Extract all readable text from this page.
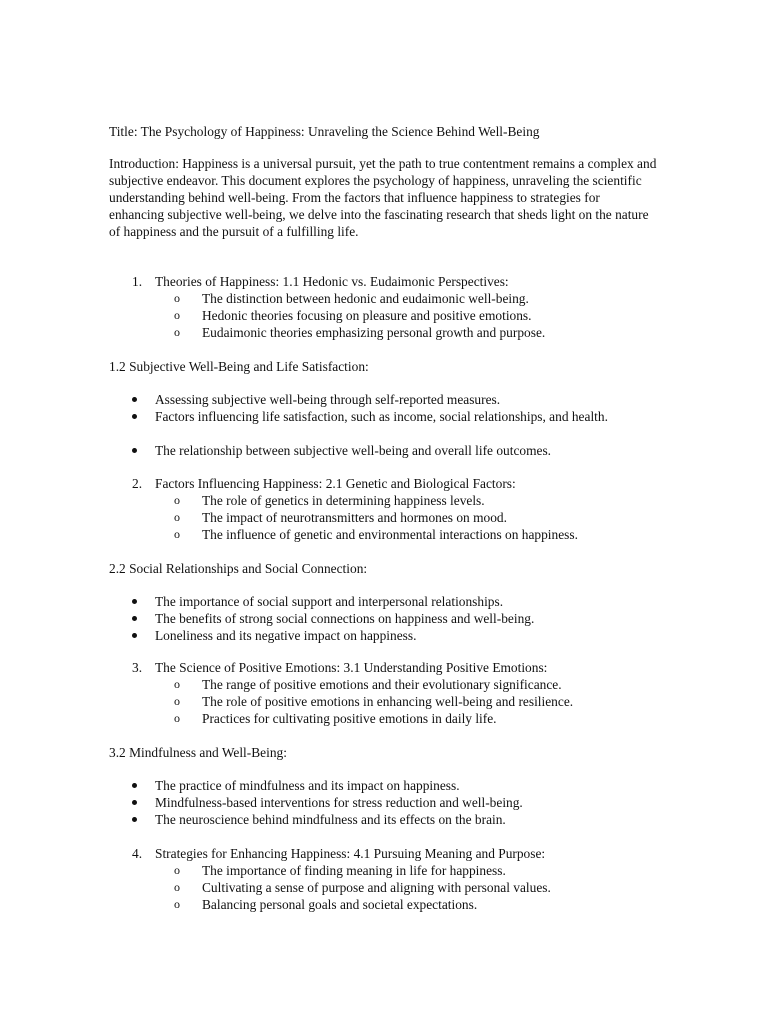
Title: The Psychology of Happiness: Unraveling the Science Behind Well-Being

Introduction: Happiness is a universal pursuit, yet the path to true contentment remains a complex and subjective endeavor. This document explores the psychology of happiness, unraveling the scientific understanding behind well-being. From the factors that influence happiness to strategies for enhancing subjective well-being, we delve into the fascinating research that sheds light on the nature of happiness and the pursuit of a fulfilling life.

1. Theories of Happiness: 1.1 Hedonic vs. Eudaimonic Perspectives:
o The distinction between hedonic and eudaimonic well-being.
o Hedonic theories focusing on pleasure and positive emotions.
o Eudaimonic theories emphasizing personal growth and purpose.
1.2 Subjective Well-Being and Life Satisfaction:
Assessing subjective well-being through self-reported measures.
Factors influencing life satisfaction, such as income, social relationships, and health.
The relationship between subjective well-being and overall life outcomes.
2. Factors Influencing Happiness: 2.1 Genetic and Biological Factors:
o The role of genetics in determining happiness levels.
o The impact of neurotransmitters and hormones on mood.
o The influence of genetic and environmental interactions on happiness.
2.2 Social Relationships and Social Connection:
The importance of social support and interpersonal relationships.
The benefits of strong social connections on happiness and well-being.
Loneliness and its negative impact on happiness.
3. The Science of Positive Emotions: 3.1 Understanding Positive Emotions:
o The range of positive emotions and their evolutionary significance.
o The role of positive emotions in enhancing well-being and resilience.
o Practices for cultivating positive emotions in daily life.
3.2 Mindfulness and Well-Being:
The practice of mindfulness and its impact on happiness.
Mindfulness-based interventions for stress reduction and well-being.
The neuroscience behind mindfulness and its effects on the brain.
4. Strategies for Enhancing Happiness: 4.1 Pursuing Meaning and Purpose:
o The importance of finding meaning in life for happiness.
o Cultivating a sense of purpose and aligning with personal values.
o Balancing personal goals and societal expectations.
